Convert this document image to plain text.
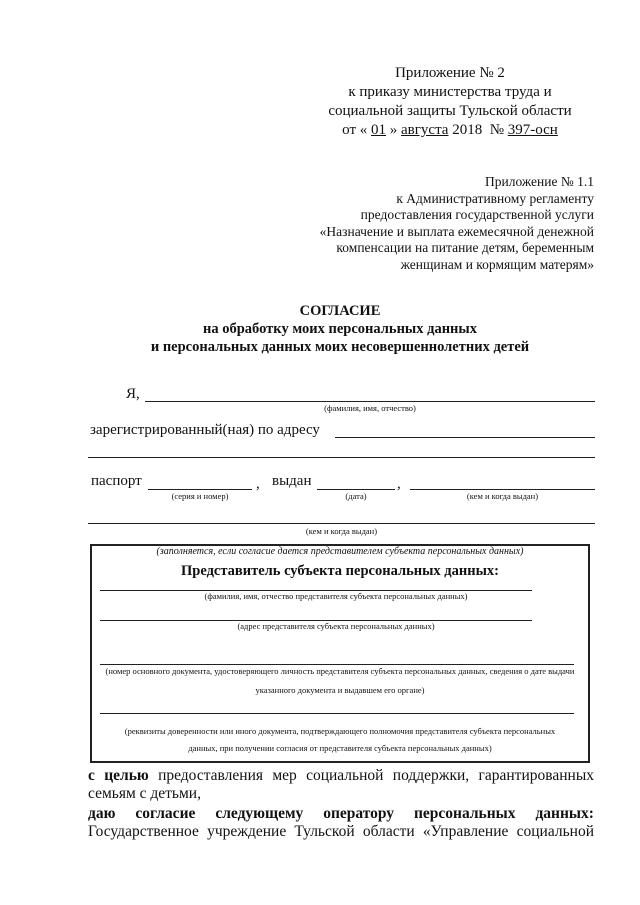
Приложение № 2
к приказу министерства труда и
социальной защиты Тульской области
от « 01 » августа 2018 № 397-осн
Приложение № 1.1
к Административному регламенту
предоставления государственной услуги
«Назначение и выплата ежемесячной денежной
компенсации на питание детям, беременным
женщинам и кормящим матерям»
СОГЛАСИЕ
на обработку моих персональных данных
и персональных данных моих несовершеннолетних детей
Я,
(фамилия, имя, отчество)
зарегистрированный(ная) по адресу
паспорт
(серия и номер)
, выдан
(дата)
,
(кем и когда выдан)
(кем и когда выдан)
(заполняется, если согласие дается представителем субъекта персональных данных)
Представитель субъекта персональных данных:
(фамилия, имя, отчество представителя субъекта персональных данных)
(адрес представителя субъекта персональных данных)
(номер основного документа, удостоверяющего личность представителя субъекта персональных данных, сведения о дате выдачи
указанного документа и выдавшем его органе)
(реквизиты доверенности или иного документа, подтверждающего полномочия представителя субъекта персональных
данных, при получении согласия от представителя субъекта персональных данных)
с целью предоставления мер социальной поддержки, гарантированных
семьям с детьми,
даю согласие следующему оператору персональных данных:
Государственное учреждение Тульской области «Управление социальной
